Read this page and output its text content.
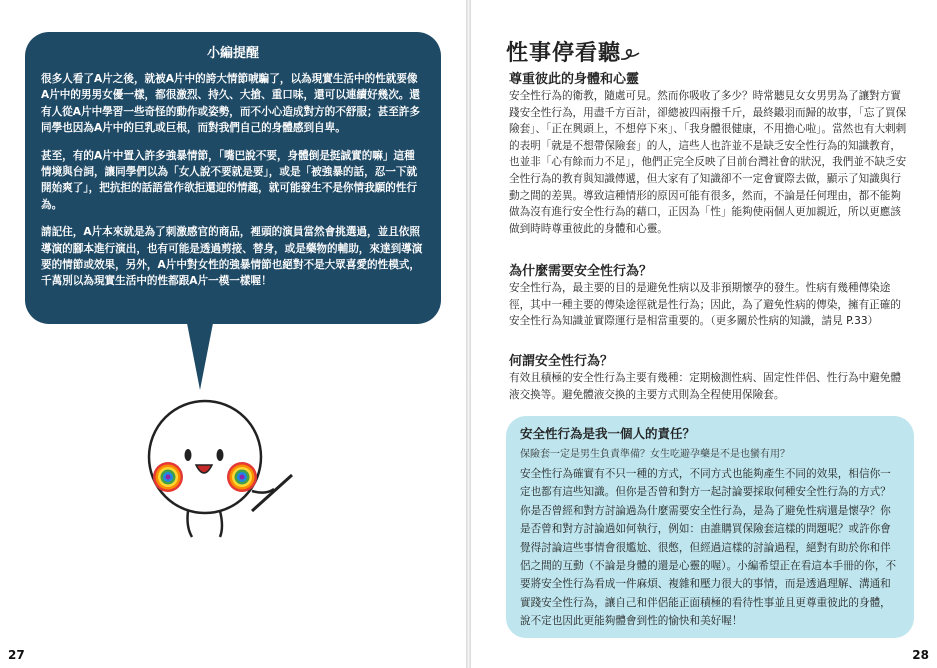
小編提醒

很多人看了A片之後，就被A片中的誇大情節唬騙了，以為現實生活中的性就要像A片中的男男女優一樣，都很激烈、持久、大搶、重口味，還可以連續好幾次。還有人從A片中學習一些奇怪的動作或姿勢，而不小心造成對方的不舒服；甚至許多同學也因為A片中的巨乳或巨根，而對我們自己的身體感到自卑。

甚至，有的A片中置入許多強暴情節，「嘴巴說不要，身體倒是挺誠實的嘛」這種情境與台詞，讓同學們以為「女人說不要就是要」，或是「被強暴的話，忍一下就開始爽了」，把抗拒的話語當作欲拒還迎的情趣，就可能發生不是你情我願的性行為。

請記住，A片本來就是為了刺激感官的商品，裡頭的演員當然會挑選過，並且依照導演的腳本進行演出，也有可能是透過剪接、替身，或是藥物的輔助，來達到導演要的情節或效果，另外，A片中對女性的強暴情節也絕對不是大眾喜愛的性模式，千萬別以為現實生活中的性都跟A片一模一樣喔！

27
性事停看聽
尊重彼此的身體和心靈

安全性行為的衛教，隨處可見。然而你吸收了多少？時常聽見女女男男為了讓對方實踐安全性行為，用盡千方百計，卻總被四兩撥千斤，最終鎩羽而歸的故事，「忘了買保險套」、「正在興頭上，不想停下來」、「我身體很健康，不用擔心啦」。當然也有大剌剌的表明「就是不想帶保險套」的人，這些人也許並不是缺乏安全性行為的知識教育，也並非「心有餘而力不足」，他們正完全反映了目前台灣社會的狀況，我們並不缺乏安全性行為的教育與知識傳遞，但大家有了知識卻不一定會實際去做，顯示了知識與行動之間的差異。導致這種情形的原因可能有很多，然而，不論是任何理由，都不能夠做為沒有進行安全性行為的藉口，正因為「性」能夠使兩個人更加親近，所以更應該做到時時尊重彼此的身體和心靈。

為什麼需要安全性行為？

安全性行為，最主要的目的是避免性病以及非預期懷孕的發生。性病有幾種傳染途徑，其中一種主要的傳染途徑就是性行為；因此，為了避免性病的傳染，擁有正確的安全性行為知識並實際運行是相當重要的。（更多關於性病的知識，請見 P.33）

何謂安全性行為？

有效且積極的安全性行為主要有幾種：定期檢測性病、固定性伴侶、性行為中避免體液交換等。避免體液交換的主要方式則為全程使用保險套。

安全性行為是我一個人的責任？
保險套一定是男生負責準備？女生吃避孕藥是不是也蠻有用？

安全性行為確實有不只一種的方式，不同方式也能夠產生不同的效果，相信你一定也都有這些知識。但你是否曾和對方一起討論要採取何種安全性行為的方式？你是否曾經和對方討論過為什麼需要安全性行為，是為了避免性病還是懷孕？你是否曾和對方討論過如何執行，例如：由誰購買保險套這樣的問題呢？或許你會覺得討論這些事情會很尷尬、很憋，但經過這樣的討論過程，絕對有助於你和伴侶之間的互動（不論是身體的還是心靈的喔）。小編希望正在看這本手冊的你，不要將安全性行為看成一件麻煩、複雜和壓力很大的事情，而是透過理解、溝通和實踐安全性行為，讓自己和伴侶能正面積極的看待性事並且更尊重彼此的身體，說不定也因此更能夠體會到性的愉快和美好喔！

28
